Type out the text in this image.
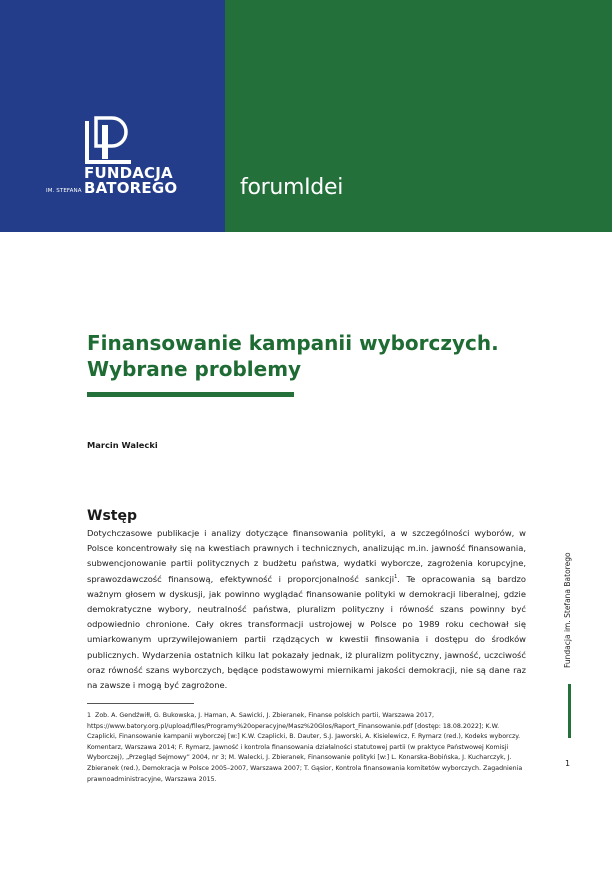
FUNDACJA
IM. STEFANA BATOREGO	forumIdei
Finansowanie kampanii wyborczych. Wybrane problemy
Marcin Walecki
Wstęp

Dotychczasowe publikacje i analizy dotyczące finansowania polityki, a w szczególności wyborów, w Polsce koncentrowały się na kwestiach prawnych i technicznych, analizując m.in. jawność finansowania, subwencjonowanie partii politycznych z budżetu państwa, wydatki wyborcze, zagrożenia korupcyjne, sprawozdawczość finansową, efektywność i proporcjonalność sankcji$^1$. Te opracowania są bardzo ważnym głosem w dyskusji, jak powinno wyglądać finansowanie polityki w demokracji liberalnej, gdzie demokratyczne wybory, neutralność państwa, pluralizm polityczny i równość szans powinny być odpowiednio chronione. Cały okres transformacji ustrojowej w Polsce po 1989 roku cechował się umiarkowanym uprzywilejowaniem partii rządzących w kwestii finsowania i dostępu do środków publicznych. Wydarzenia ostatnich kilku lat pokazały jednak, iż pluralizm polityczny, jawność, uczciwość oraz równość szans wyborczych, będące podstawowymi miernikami jakości demokracji, nie są dane raz na zawsze i mogą być zagrożone.

1 Zob. A. Gendźwiłł, G. Bukowska, J. Haman, A. Sawicki, J. Zbieranek, Finanse polskich partii, Warszawa 2017, https://www.batory.org.pl/upload/files/Programy%20operacyjne/Masz%20Glos/Raport_Finansowanie.pdf [dostęp: 18.08.2022]; K.W. Czaplicki, Finansowanie kampanii wyborczej [w:] K.W. Czaplicki, B. Dauter, S.J. Jaworski, A. Kisielewicz, F. Rymarz (red.), Kodeks wyborczy. Komentarz, Warszawa 2014; F. Rymarz, Jawność i kontrola finansowania działalności statutowej partii (w praktyce Państwowej Komisji Wyborczej), „Przegląd Sejmowy” 2004, nr 3; M. Walecki, J. Zbieranek, Finansowanie polityki [w:] L. Konarska-Bobińska, J. Kucharczyk, J. Zbieranek (red.), Demokracja w Polsce 2005–2007, Warszawa 2007; T. Gąsior, Kontrola finansowania komitetów wyborczych. Zagadnienia prawnoadministracyjne, Warszawa 2015.

Fundacja im. Stefana Batorego
1
